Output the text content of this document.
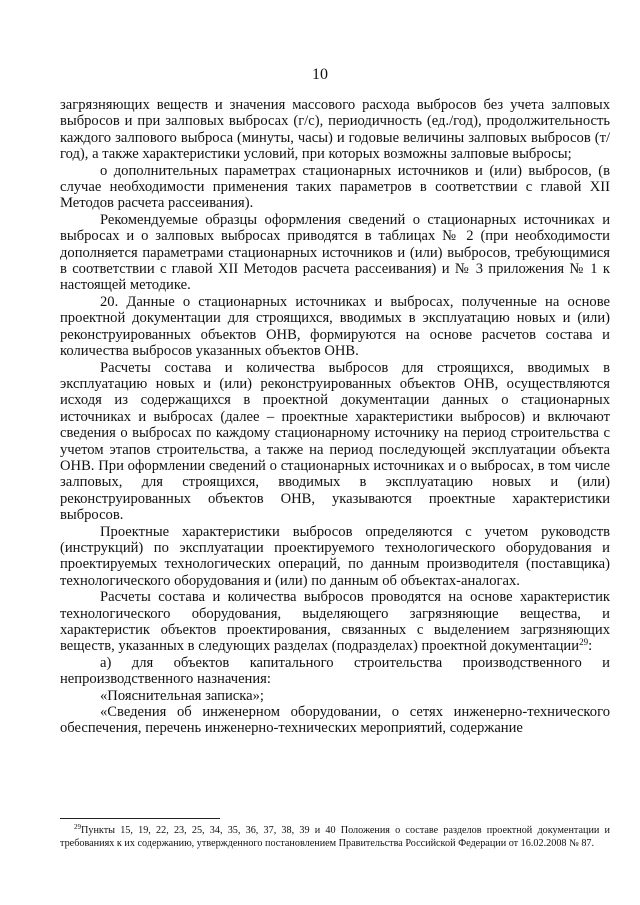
10

загрязняющих веществ и значения массового расхода выбросов без учета залповых выбросов и при залповых выбросах (г/с), периодичность (ед./год), продолжительность каждого залпового выброса (минуты, часы) и годовые величины залповых выбросов (т/год), а также характеристики условий, при которых возможны залповые выбросы;

о дополнительных параметрах стационарных источников и (или) выбросов, (в случае необходимости применения таких параметров в соответствии с главой XII Методов расчета рассеивания).

Рекомендуемые образцы оформления сведений о стационарных источниках и выбросах и о залповых выбросах приводятся в таблицах № 2 (при необходимости дополняется параметрами стационарных источников и (или) выбросов, требующимися в соответствии с главой XII Методов расчета рассеивания) и № 3 приложения № 1 к настоящей методике.

20. Данные о стационарных источниках и выбросах, полученные на основе проектной документации для строящихся, вводимых в эксплуатацию новых и (или) реконструированных объектов ОНВ, формируются на основе расчетов состава и количества выбросов указанных объектов ОНВ.

Расчеты состава и количества выбросов для строящихся, вводимых в эксплуатацию новых и (или) реконструированных объектов ОНВ, осуществляются исходя из содержащихся в проектной документации данных о стационарных источниках и выбросах (далее – проектные характеристики выбросов) и включают сведения о выбросах по каждому стационарному источнику на период строительства с учетом этапов строительства, а также на период последующей эксплуатации объекта ОНВ. При оформлении сведений о стационарных источниках и о выбросах, в том числе залповых, для строящихся, вводимых в эксплуатацию новых и (или) реконструированных объектов ОНВ, указываются проектные характеристики выбросов.

Проектные характеристики выбросов определяются с учетом руководств (инструкций) по эксплуатации проектируемого технологического оборудования и проектируемых технологических операций, по данным производителя (поставщика) технологического оборудования и (или) по данным об объектах-аналогах.

Расчеты состава и количества выбросов проводятся на основе характеристик технологического оборудования, выделяющего загрязняющие вещества, и характеристик объектов проектирования, связанных с выделением загрязняющих веществ, указанных в следующих разделах (подразделах) проектной документации$^{29}$:

а) для объектов капитального строительства производственного и непроизводственного назначения:

«Пояснительная записка»;

«Сведения об инженерном оборудовании, о сетях инженерно-технического обеспечения, перечень инженерно-технических мероприятий, содержание

$^{29}$Пункты 15, 19, 22, 23, 25, 34, 35, 36, 37, 38, 39 и 40 Положения о составе разделов проектной документации и требованиях к их содержанию, утвержденного постановлением Правительства Российской Федерации от 16.02.2008 № 87.
